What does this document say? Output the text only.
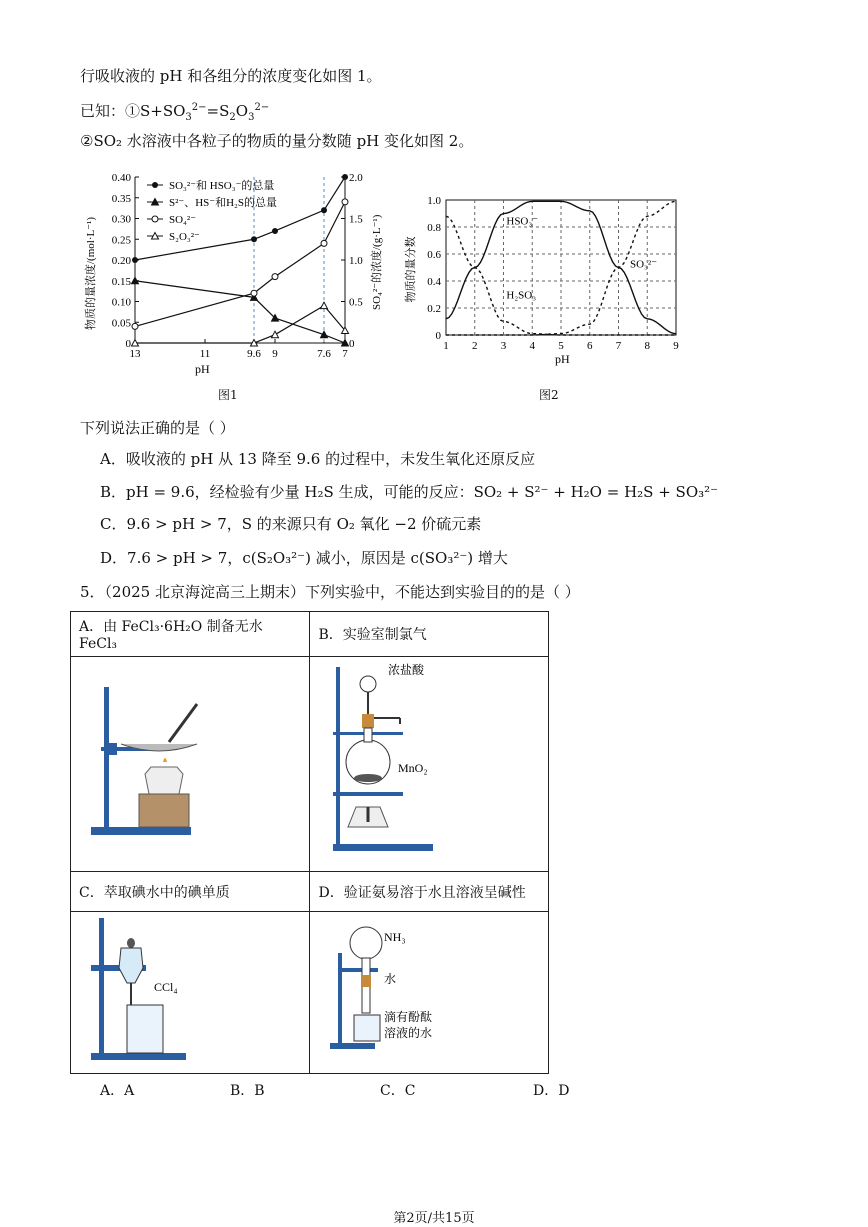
行吸收液的 pH 和各组分的浓度变化如图 1。
已知：$①S+SO_3^{2-}=S_2O_3^{2-}$
②SO₂ 水溶液中各粒子的物质的量分数随 pH 变化如图 2。
SO₃²⁻和 HSO₃⁻的总量
S²⁻、HS⁻和H₂S的总量
SO₄²⁻
S₂O₃²⁻
0.40
0.35
0.30
0.25
0.20
0.15
0.10
0.05
0
2.0
1.5
1.0
0.5
0
13	11	9.6 9	7.6 7
pH
物质的量浓度/(mol·L⁻¹)	SO₄²⁻的浓度/(g·L⁻¹)
图1
1.0
0.8
0.6
0.4
0.2
0
1 2 3 4 5 6 7 8 9
pH
物质的量分数
HSO₃⁻
SO₃²⁻
H₂SO₃
图2
下列说法正确的是（ ）
A．吸收液的 pH 从 13 降至 9.6 的过程中，未发生氧化还原反应
B．pH = 9.6，经检验有少量 H₂S 生成，可能的反应：SO₂ + S²⁻ + H₂O = H₂S + SO₃²⁻
C．9.6 > pH > 7，S 的来源只有 O₂ 氧化 −2 价硫元素
D．7.6 > pH > 7，c(S₂O₃²⁻) 减小，原因是 c(SO₃²⁻) 增大
5．（2025 北京海淀高三上期末）下列实验中，不能达到实验目的的是（ ）
A．由 FeCl₃·6H₂O 制备无水 FeCl₃	B．实验室制氯气

浓盐酸
MnO₂

C．萃取碘水中的碘单质	D．验证氨易溶于水且溶液呈碱性

CCl₄	NH₃
水
滴有酚酞
溶液的水
A．A	B．B	C．C	D．D
第2页/共15页
